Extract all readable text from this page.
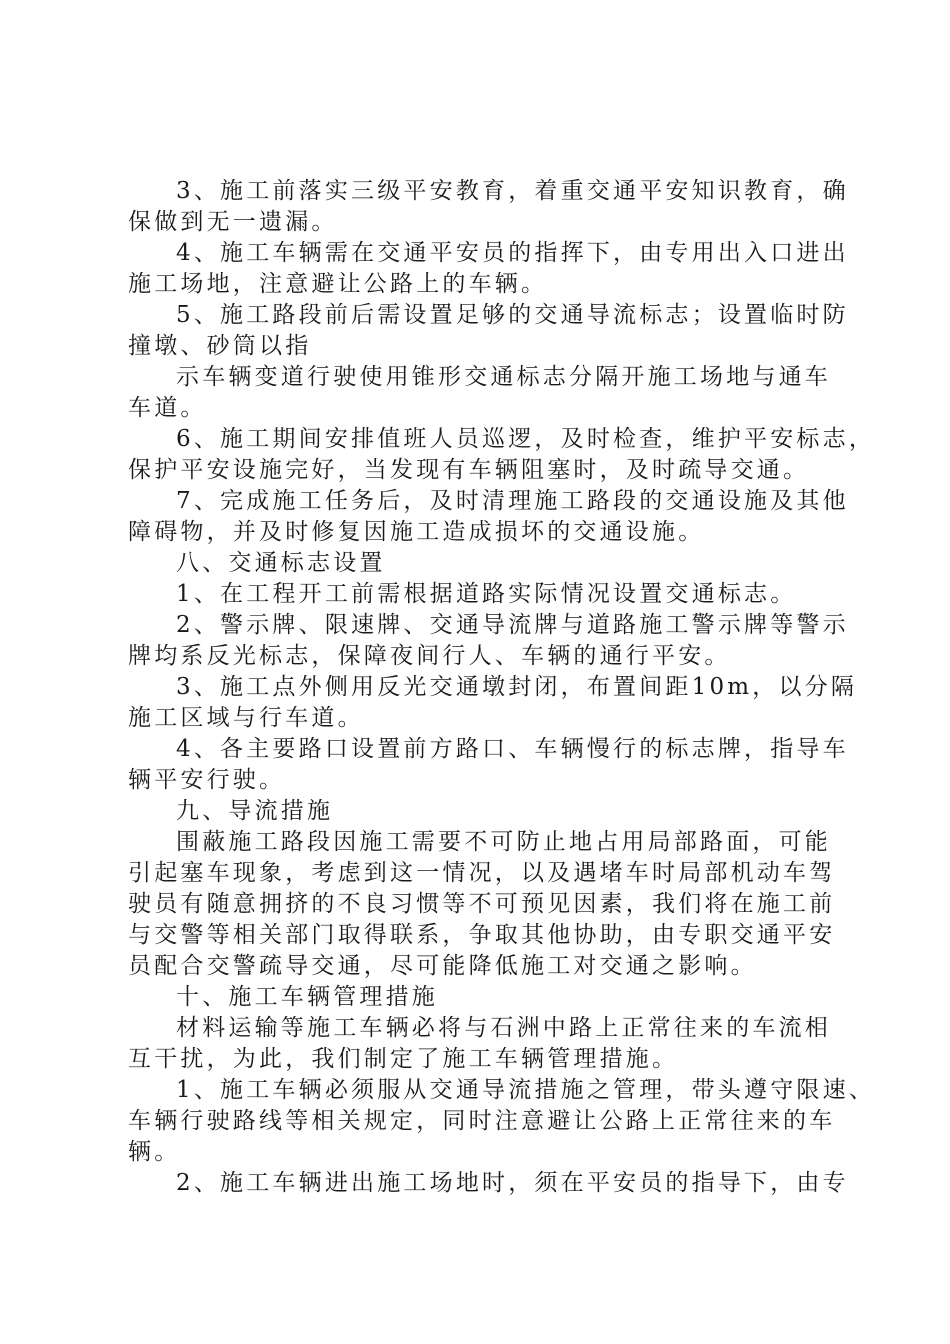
3、施工前落实三级平安教育，着重交通平安知识教育，确
保做到无一遗漏。
4、施工车辆需在交通平安员的指挥下，由专用出入口进出
施工场地，注意避让公路上的车辆。
5、施工路段前后需设置足够的交通导流标志；设置临时防
撞墩、砂筒以指
示车辆变道行驶使用锥形交通标志分隔开施工场地与通车
车道。
6、施工期间安排值班人员巡逻，及时检查，维护平安标志，
保护平安设施完好，当发现有车辆阻塞时，及时疏导交通。
7、完成施工任务后，及时清理施工路段的交通设施及其他
障碍物，并及时修复因施工造成损坏的交通设施。
八、交通标志设置
1、在工程开工前需根据道路实际情况设置交通标志。
2、警示牌、限速牌、交通导流牌与道路施工警示牌等警示
牌均系反光标志，保障夜间行人、车辆的通行平安。
3、施工点外侧用反光交通墩封闭，布置间距10m，以分隔
施工区域与行车道。
4、各主要路口设置前方路口、车辆慢行的标志牌，指导车
辆平安行驶。
九、导流措施
围蔽施工路段因施工需要不可防止地占用局部路面，可能
引起塞车现象，考虑到这一情况，以及遇堵车时局部机动车驾
驶员有随意拥挤的不良习惯等不可预见因素，我们将在施工前
与交警等相关部门取得联系，争取其他协助，由专职交通平安
员配合交警疏导交通，尽可能降低施工对交通之影响。
十、施工车辆管理措施
材料运输等施工车辆必将与石洲中路上正常往来的车流相
互干扰，为此，我们制定了施工车辆管理措施。
1、施工车辆必须服从交通导流措施之管理，带头遵守限速、
车辆行驶路线等相关规定，同时注意避让公路上正常往来的车
辆。
2、施工车辆进出施工场地时，须在平安员的指导下，由专
